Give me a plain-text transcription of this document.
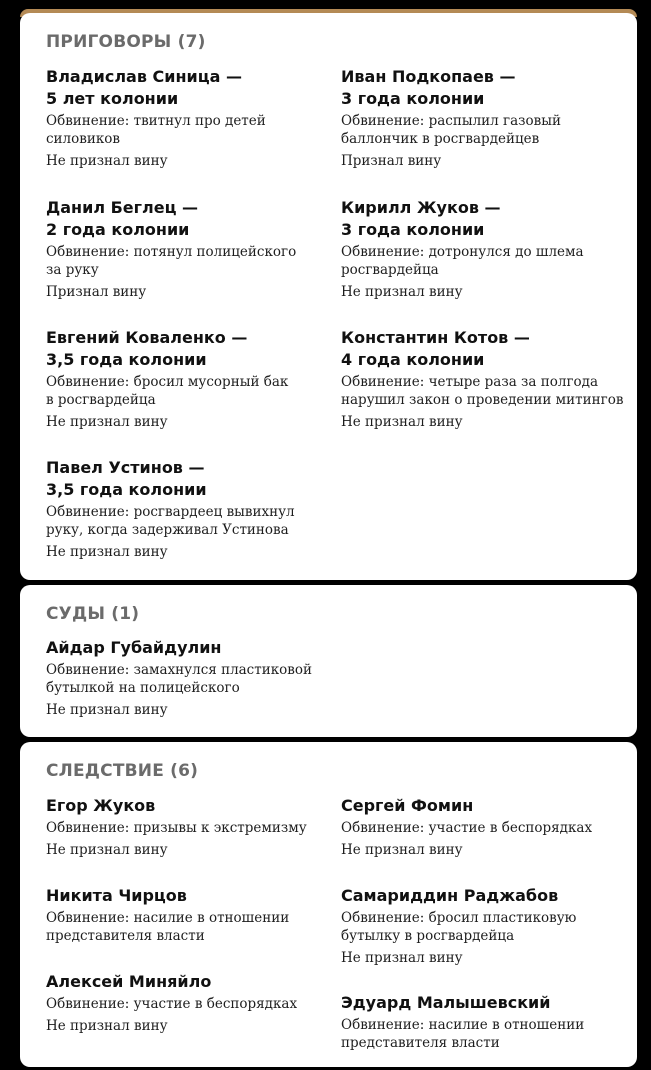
ПРИГОВОРЫ (7)
Владислав Синица —
5 лет колонии
Обвинение: твитнул про детей силовиков
Не признал вину
Иван Подкопаев —
3 года колонии
Обвинение: распылил газовый баллончик в росгвардейцев
Признал вину
Данил Беглец —
2 года колонии
Обвинение: потянул полицейского за руку
Признал вину
Кирилл Жуков —
3 года колонии
Обвинение: дотронулся до шлема росгвардейца
Не признал вину
Евгений Коваленко —
3,5 года колонии
Обвинение: бросил мусорный бак в росгвардейца
Не признал вину
Константин Котов —
4 года колонии
Обвинение: четыре раза за полгода нарушил закон о проведении митингов
Не признал вину
Павел Устинов —
3,5 года колонии
Обвинение: росгвардеец вывихнул руку, когда задерживал Устинова
Не признал вину
СУДЫ (1)
Айдар Губайдулин
Обвинение: замахнулся пластиковой бутылкой на полицейского
Не признал вину
СЛЕДСТВИЕ (6)
Егор Жуков
Обвинение: призывы к экстремизму
Не признал вину
Сергей Фомин
Обвинение: участие в беспорядках
Не признал вину
Никита Чирцов
Обвинение: насилие в отношении представителя власти
Самариддин Раджабов
Обвинение: бросил пластиковую бутылку в росгвардейца
Не признал вину
Алексей Миняйло
Обвинение: участие в беспорядках
Не признал вину
Эдуард Малышевский
Обвинение: насилие в отношении представителя власти
